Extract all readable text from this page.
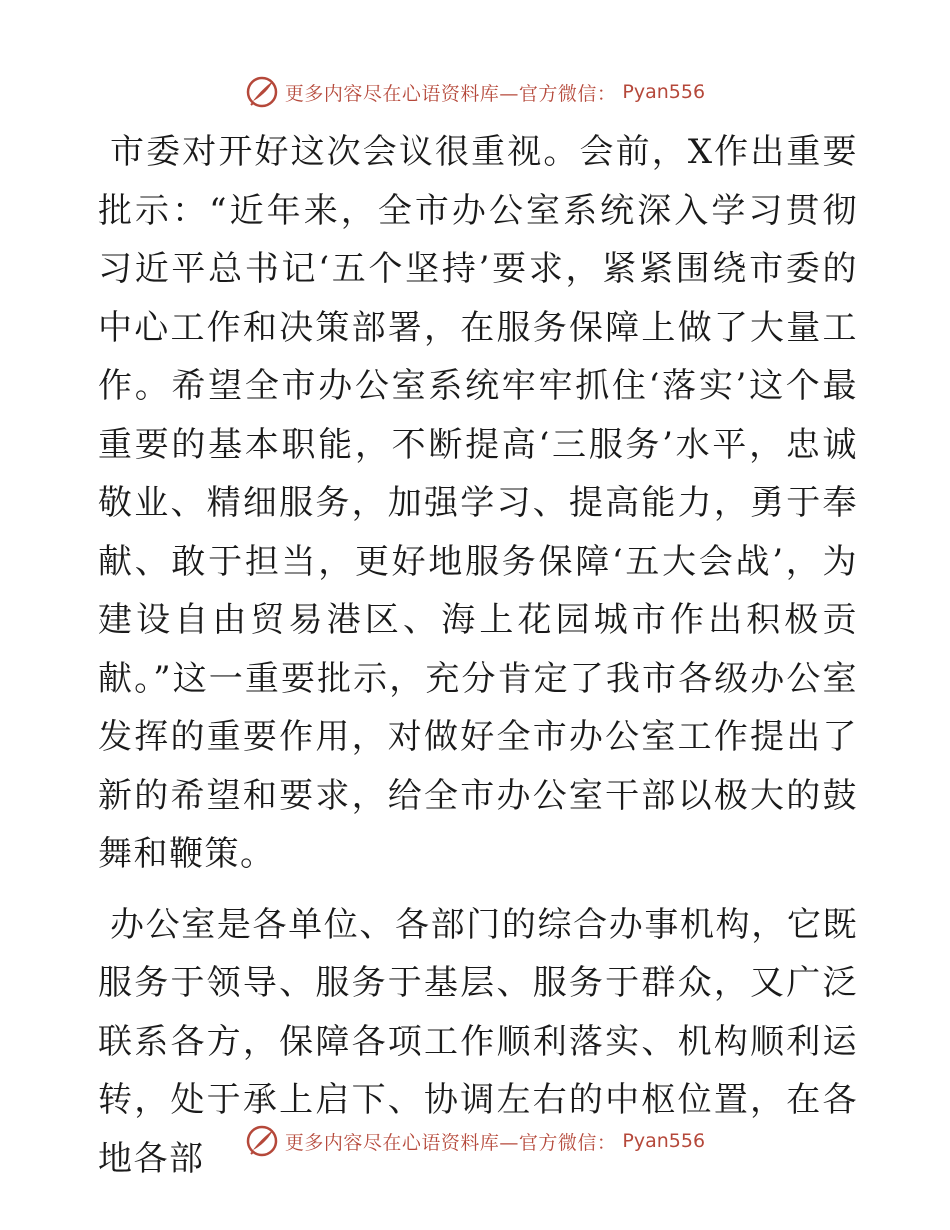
更多内容尽在心语资料库—官方微信： Pyan556

市委对开好这次会议很重视。会前，X作出重要批示：“近年来，全市办公室系统深入学习贯彻习近平总书记‘五个坚持’要求，紧紧围绕市委的中心工作和决策部署，在服务保障上做了大量工作。希望全市办公室系统牢牢抓住‘落实’这个最重要的基本职能，不断提高‘三服务’水平，忠诚敬业、精细服务，加强学习、提高能力，勇于奉献、敢于担当，更好地服务保障‘五大会战’，为建设自由贸易港区、海上花园城市作出积极贡献。”这一重要批示，充分肯定了我市各级办公室发挥的重要作用，对做好全市办公室工作提出了新的希望和要求，给全市办公室干部以极大的鼓舞和鞭策。

办公室是各单位、各部门的综合办事机构，它既服务于领导、服务于基层、服务于群众，又广泛联系各方，保障各项工作顺利落实、机构顺利运转，处于承上启下、协调左右的中枢位置，在各地各部	更多内容尽在心语资料库—官方微信： Pyan556
